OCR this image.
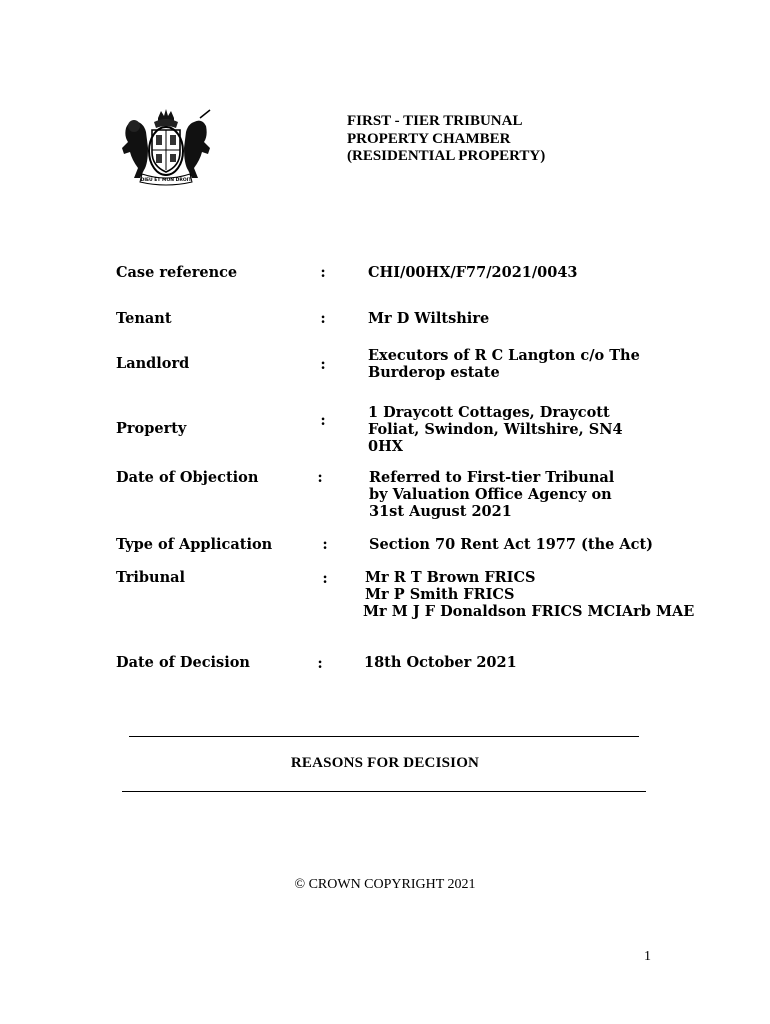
DIEU ET MON DROIT
FIRST - TIER TRIBUNAL
PROPERTY CHAMBER
(RESIDENTIAL PROPERTY)
Case reference	:	CHI/00HX/F77/2021/0043
Tenant	:	Mr D Wiltshire
Landlord	:
Executors of R C Langton c/o The
Burderop estate
Property	:	1 Draycott Cottages, Draycott
Foliat, Swindon, Wiltshire, SN4
0HX
Date of Objection	:	Referred to First-tier Tribunal
by Valuation Office Agency on
31st August 2021
Type of Application	:	Section 70 Rent Act 1977 (the Act)
Tribunal	:	Mr R T Brown FRICS
Mr P Smith FRICS
Mr M J F Donaldson FRICS MCIArb MAE
Date of Decision	:	18th October 2021
REASONS FOR DECISION
© CROWN COPYRIGHT 2021
1
